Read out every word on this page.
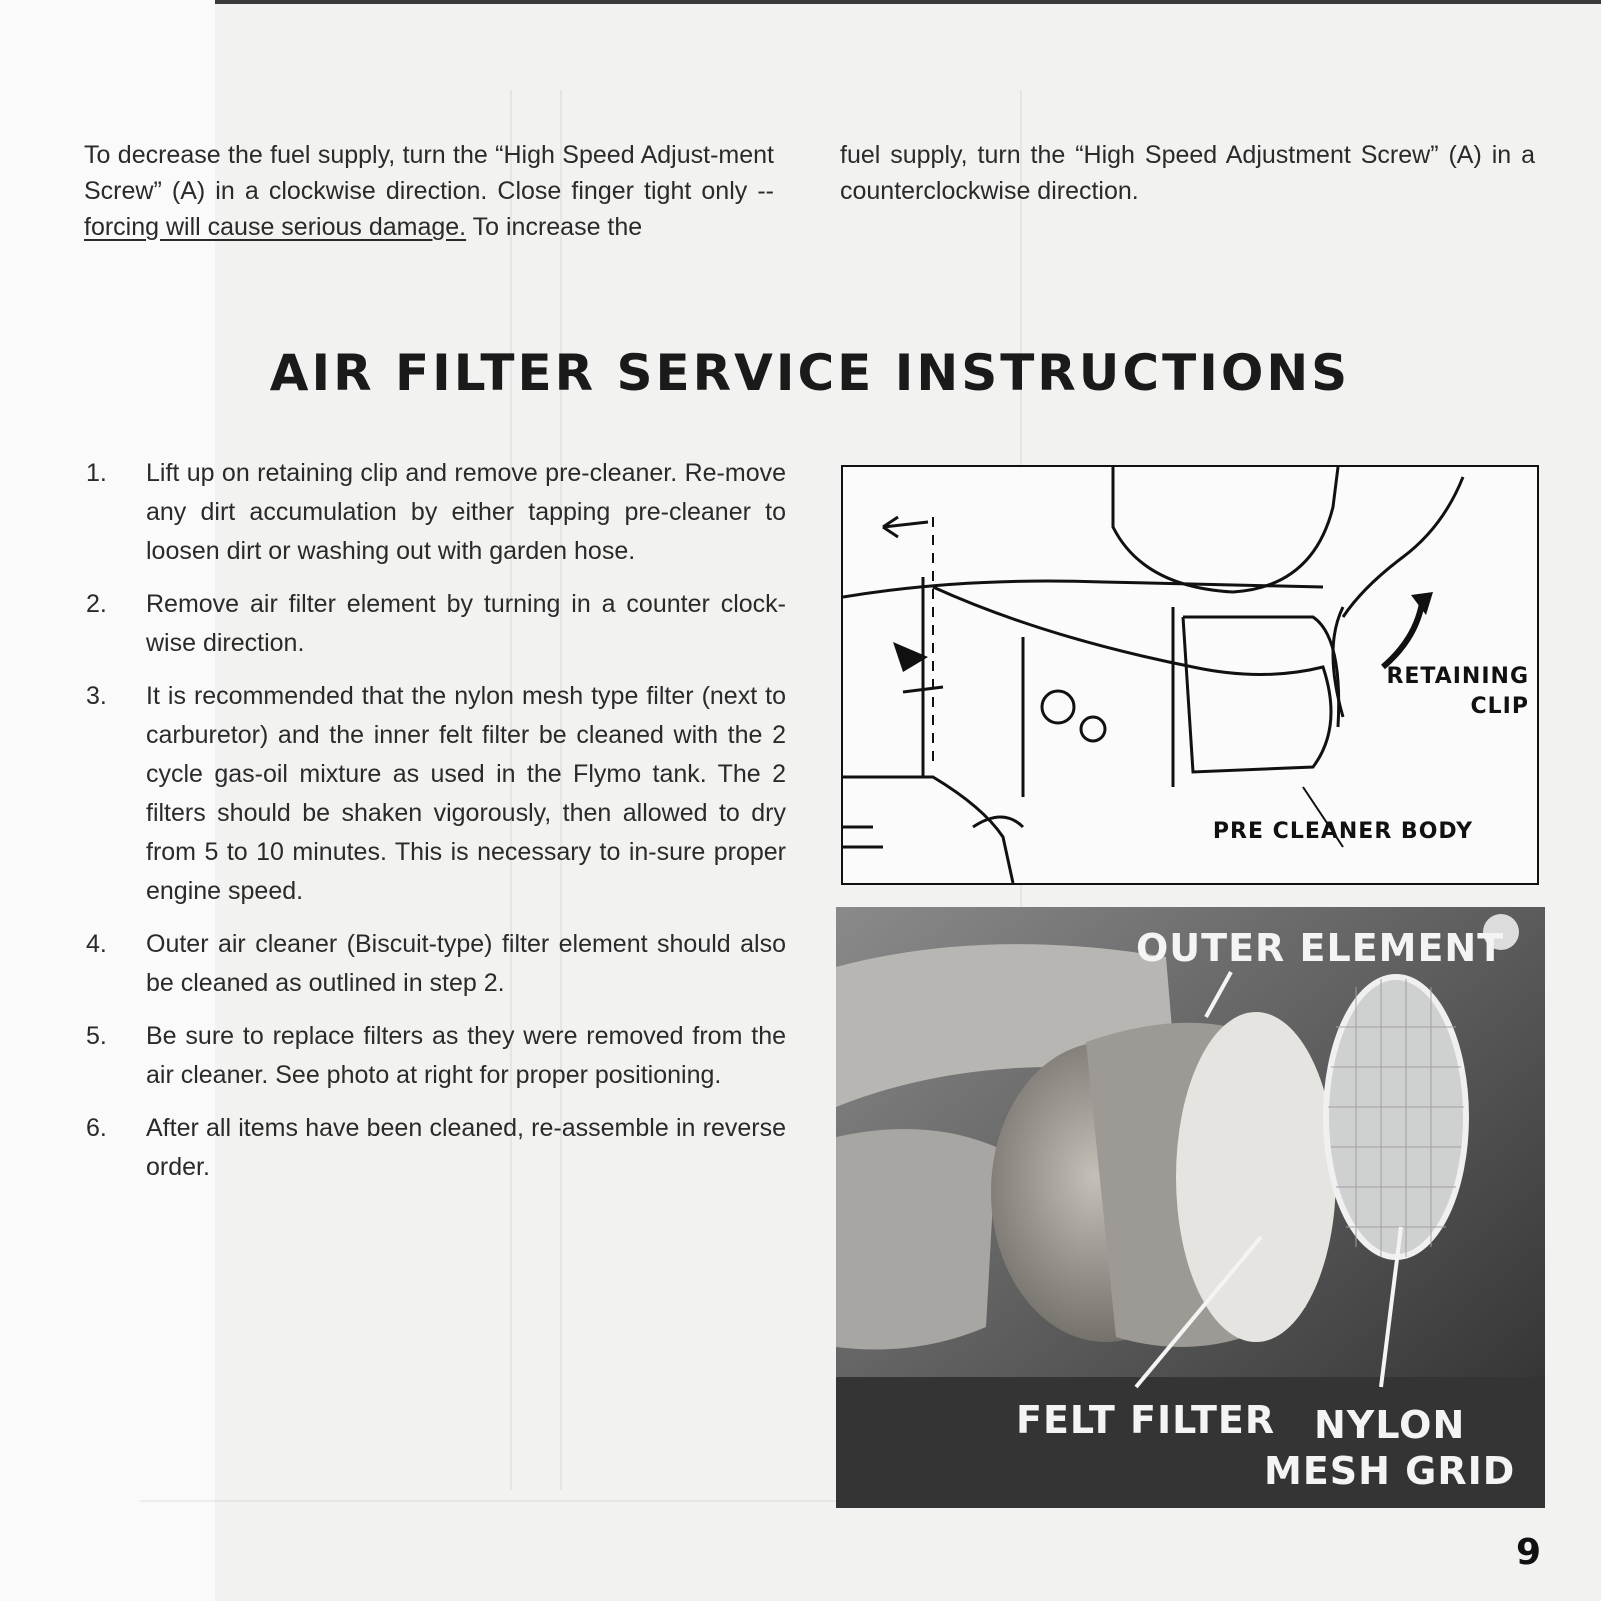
To decrease the fuel supply, turn the “High Speed Adjust-ment Screw” (A) in a clockwise direction. Close finger tight only -- forcing will cause serious damage. To increase the

fuel supply, turn the “High Speed Adjustment Screw” (A) in a counterclockwise direction.

AIR FILTER SERVICE INSTRUCTIONS
1.	Lift up on retaining clip and remove pre-cleaner. Re-move any dirt accumulation by either tapping pre-cleaner to loosen dirt or washing out with garden hose.
2.	Remove air filter element by turning in a counter clock-wise direction.
3.	It is recommended that the nylon mesh type filter (next to carburetor) and the inner felt filter be cleaned with the 2 cycle gas-oil mixture as used in the Flymo tank. The 2 filters should be shaken vigorously, then allowed to dry from 5 to 10 minutes. This is necessary to in-sure proper engine speed.
4.	Outer air cleaner (Biscuit-type) filter element should also be cleaned as outlined in step 2.
5.	Be sure to replace filters as they were removed from the air cleaner. See photo at right for proper positioning.
6.	After all items have been cleaned, re-assemble in reverse order.
RETAINING
CLIP
PRE CLEANER BODY
OUTER ELEMENT
FELT FILTER	NYLON
MESH GRID
9
